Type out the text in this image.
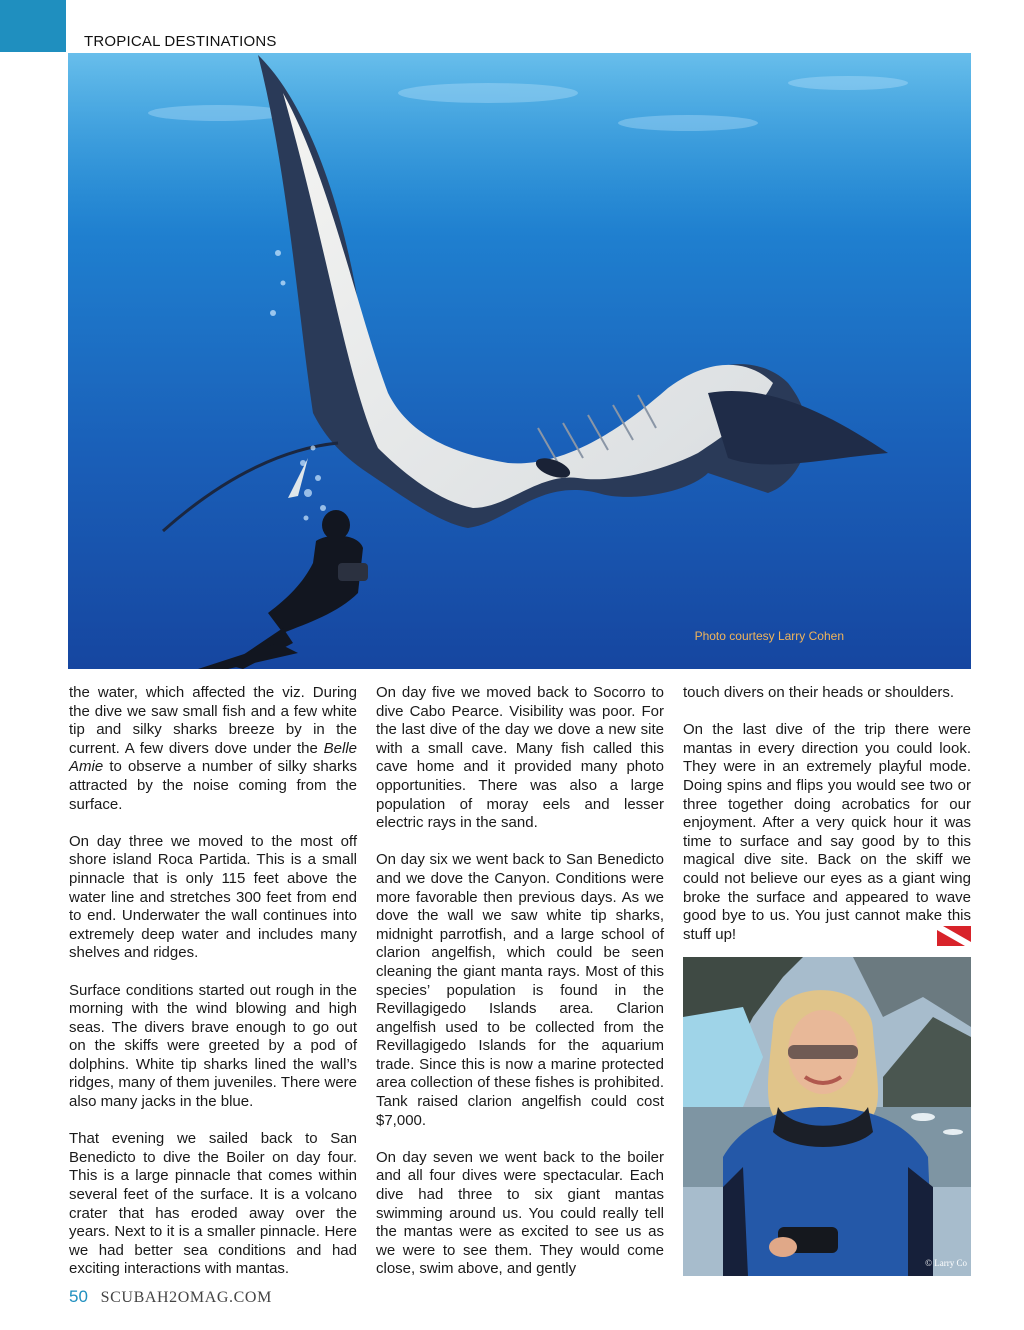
TROPICAL DESTINATIONS
Photo courtesy Larry Cohen

the water, which affected the viz. During the dive we saw small fish and a few white tip and silky sharks breeze by in the current. A few divers dove under the Belle Amie to observe a number of silky sharks attracted by the noise coming from the surface.

On day three we moved to the most off shore island Roca Partida. This is a small pinnacle that is only 115 feet above the water line and stretches 300 feet from end to end. Underwater the wall continues into extremely deep water and includes many shelves and ridges.

Surface conditions started out rough in the morning with the wind blowing and high seas. The divers brave enough to go out on the skiffs were greeted by a pod of dolphins. White tip sharks lined the wall’s ridges, many of them juveniles. There were also many jacks in the blue.

That evening we sailed back to San Benedicto to dive the Boiler on day four. This is a large pinnacle that comes within several feet of the surface. It is a volcano crater that has eroded away over the years. Next to it is a smaller pinnacle. Here we had better sea conditions and had exciting interactions with mantas.

On day five we moved back to Socorro to dive Cabo Pearce. Visibility was poor. For the last dive of the day we dove a new site with a small cave. Many fish called this cave home and it provided many photo opportunities. There was also a large population of moray eels and lesser electric rays in the sand.

On day six we went back to San Benedicto and we dove the Canyon. Conditions were more favorable then previous days. As we dove the wall we saw white tip sharks, midnight parrotfish, and a large school of clarion angelfish, which could be seen cleaning the giant manta rays. Most of this species’ population is found in the Revillagigedo Islands area. Clarion angelfish used to be collected from the Revillagigedo Islands for the aquarium trade. Since this is now a marine protected area collection of these fishes is prohibited. Tank raised clarion angelfish could cost $7,000.

On day seven we went back to the boiler and all four dives were spectacular. Each dive had three to six giant mantas swimming around us. You could really tell the mantas were as excited to see us as we were to see them. They would come close, swim above, and gently

touch divers on their heads or shoulders.

On the last dive of the trip there were mantas in every direction you could look. They were in an extremely playful mode. Doing spins and flips you would see two or three together doing acrobatics for our enjoyment. After a very quick hour it was time to surface and say good by to this magical dive site. Back on the skiff we could not believe our eyes as a giant wing broke the surface and appeared to wave good bye to us. You just cannot make this stuff up!

© Larry Co
50 SCUBAH2OMAG.COM
